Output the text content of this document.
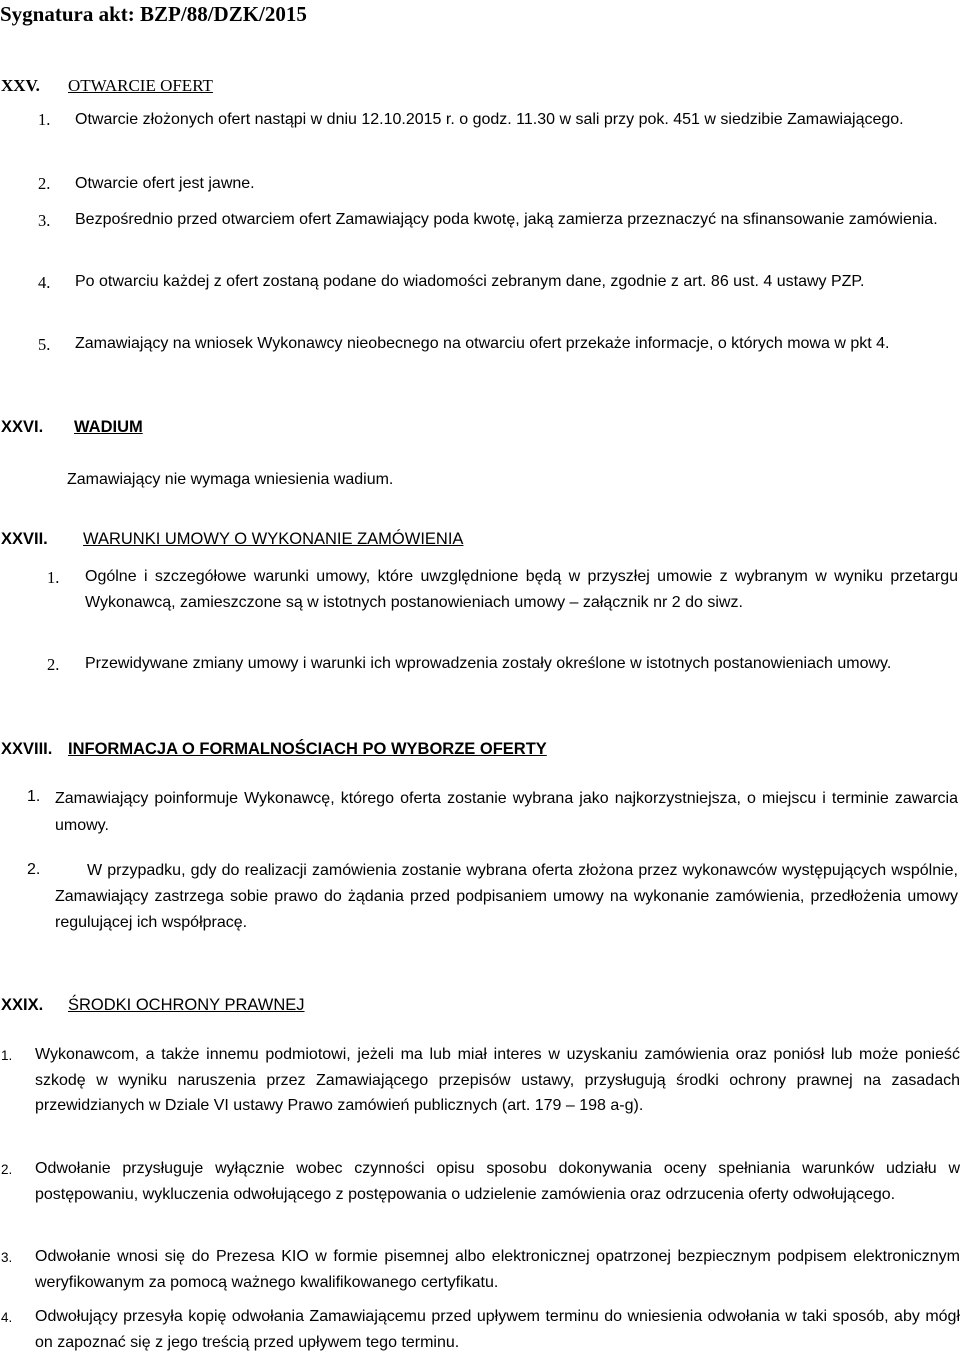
Sygnatura akt: BZP/88/DZK/2015
XXV. OTWARCIE OFERT
1. Otwarcie złożonych ofert nastąpi w dniu 12.10.2015 r. o godz. 11.30 w sali przy pok. 451 w siedzibie Zamawiającego.
2. Otwarcie ofert jest jawne.
3. Bezpośrednio przed otwarciem ofert Zamawiający poda kwotę, jaką zamierza przeznaczyć na sfinansowanie zamówienia.
4. Po otwarciu każdej z ofert zostaną podane do wiadomości zebranym dane, zgodnie z art. 86 ust. 4 ustawy PZP.
5. Zamawiający na wniosek Wykonawcy nieobecnego na otwarciu ofert przekaże informacje, o których mowa w pkt 4.
XXVI. WADIUM
Zamawiający nie wymaga wniesienia wadium.
XXVII. WARUNKI UMOWY O WYKONANIE ZAMÓWIENIA
1. Ogólne i szczegółowe warunki umowy, które uwzględnione będą w przyszłej umowie z wybranym w wyniku przetargu Wykonawcą, zamieszczone są w istotnych postanowieniach umowy – załącznik nr 2 do siwz.
2. Przewidywane zmiany umowy i warunki ich wprowadzenia zostały określone w istotnych postanowieniach umowy.
XXVIII. INFORMACJA O FORMALNOŚCIACH PO WYBORZE OFERTY
1. Zamawiający poinformuje Wykonawcę, którego oferta zostanie wybrana jako najkorzystniejsza, o miejscu i terminie zawarcia umowy.
2.	W przypadku, gdy do realizacji zamówienia zostanie wybrana oferta złożona przez wykonawców występujących wspólnie, Zamawiający zastrzega sobie prawo do żądania przed podpisaniem umowy na wykonanie zamówienia, przedłożenia umowy regulującej ich współpracę.
XXIX. ŚRODKI OCHRONY PRAWNEJ
1. Wykonawcom, a także innemu podmiotowi, jeżeli ma lub miał interes w uzyskaniu zamówienia oraz poniósł lub może ponieść szkodę w wyniku naruszenia przez Zamawiającego przepisów ustawy, przysługują środki ochrony prawnej na zasadach przewidzianych w Dziale VI ustawy Prawo zamówień publicznych (art. 179 – 198 a-g).
2. Odwołanie przysługuje wyłącznie wobec czynności opisu sposobu dokonywania oceny spełniania warunków udziału w postępowaniu, wykluczenia odwołującego z postępowania o udzielenie zamówienia oraz odrzucenia oferty odwołującego.
3. Odwołanie wnosi się do Prezesa KIO w formie pisemnej albo elektronicznej opatrzonej bezpiecznym podpisem elektronicznym weryfikowanym za pomocą ważnego kwalifikowanego certyfikatu.
4. Odwołujący przesyła kopię odwołania Zamawiającemu przed upływem terminu do wniesienia odwołania w taki sposób, aby mógł on zapoznać się z jego treścią przed upływem tego terminu.
